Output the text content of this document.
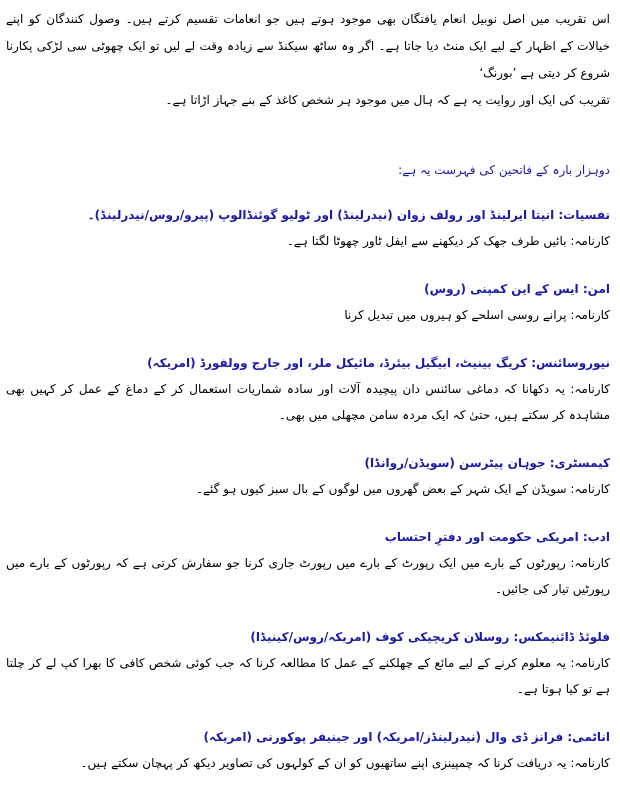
اس تقریب میں اصل نوبیل انعام یافتگان بھی موجود ہوتے ہیں جو انعامات تقسیم کرتے ہیں۔ وصول کنندگان کو اپنے خیالات کے اظہار کے لیے ایک منٹ دیا جاتا ہے۔ اگر وہ ساٹھ سیکنڈ سے زیادہ وقت لے لیں تو ایک چھوٹی سی لڑکی پکارنا شروع کر دیتی ہے ’بورنگ‘

تقریب کی ایک اور روایت یہ ہے کہ ہال میں موجود ہر شخص کاغذ کے بنے جہاز اڑاتا ہے۔

دوہزار بارہ کے فاتحین کی فہرست یہ ہے:

نفسیات: انیتا ایرلینڈ اور رولف زوان (نیدرلینڈ) اور ٹولیو گوئنڈالوپ (پیرو/روس/نیدرلینڈ)۔

کارنامہ: بائیں طرف جھک کر دیکھنے سے ایفل ٹاور چھوٹا لگتا ہے۔

امن: ایس کے این کمپنی (روس)

کارنامہ: پرانے روسی اسلحے کو ہیروں میں تبدیل کرنا

نیوروسائنس: کریگ بینیٹ، ابیگیل بیئرڈ، مائیکل ملر، اور جارج وولفورڈ (امریکہ)

کارنامہ: یہ دکھانا کہ دماغی سائنس دان پیچیدہ آلات اور سادہ شماریات استعمال کر کے دماغ کے عمل کر کہیں بھی مشاہدہ کر سکتے ہیں، حتیٰ کہ ایک مردہ سامن مچھلی میں بھی۔

کیمسٹری: جوہان پیٹرسن (سویڈن/روانڈا)

کارنامہ: سویڈن کے ایک شہر کے بعض گھروں میں لوگوں کے بال سبز کیوں ہو گئے۔

ادب: امریکی حکومت اور دفترِ احتساب

کارنامہ: رپورٹوں کے بارے میں ایک رپورٹ کے بارے میں رپورٹ جاری کرنا جو سفارش کرتی ہے کہ رپورٹوں کے بارے میں رپورٹیں تیار کی جائیں۔

فلوئڈ ڈائنیمکس: روسلان کریچیکی کوف (امریکہ/روس/کینیڈا)

کارنامہ: یہ معلوم کرنے کے لیے مائع کے چھلکنے کے عمل کا مطالعہ کرنا کہ جب کوئی شخص کافی کا بھرا کپ لے کر چلتا ہے تو کیا ہوتا ہے۔

اناٹمی: فرانز ڈی وال (نیدرلینڈز/امریکہ) اور جینیفر پوکورنی (امریکہ)

کارنامہ: یہ دریافت کرنا کہ چمپینزی اپنے ساتھیوں کو ان کے کولہوں کی تصاویر دیکھ کر پہچان سکتے ہیں۔
